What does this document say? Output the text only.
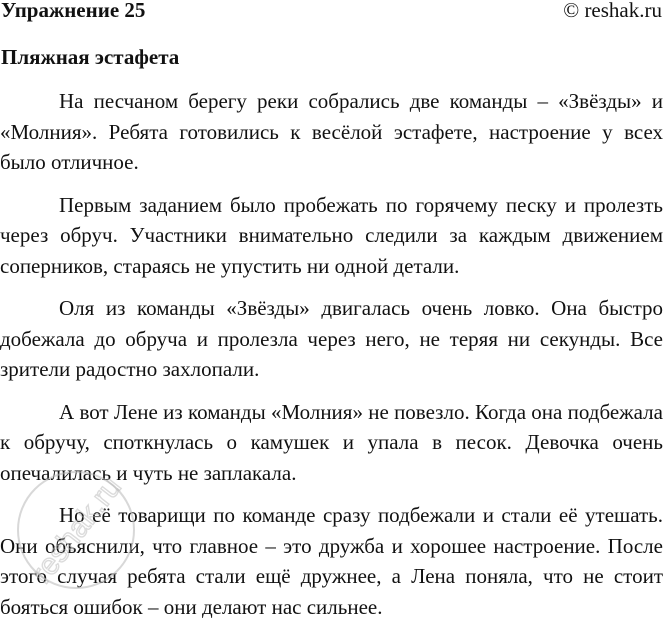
Упражнение 25	© reshak.ru
Пляжная эстафета

На песчаном берегу реки собрались две команды – «Звёзды» и «Молния». Ребята готовились к весёлой эстафете, настроение у всех было отличное.

Первым заданием было пробежать по горячему песку и пролезть через обруч. Участники внимательно следили за каждым движением соперников, стараясь не упустить ни одной детали.

Оля из команды «Звёзды» двигалась очень ловко. Она быстро добежала до обруча и пролезла через него, не теряя ни секунды. Все зрители радостно захлопали.

А вот Лене из команды «Молния» не повезло. Когда она подбежала к обручу, споткнулась о камушек и упала в песок. Девочка очень опечалилась и чуть не заплакала.

Но её товарищи по команде сразу подбежали и стали её утешать. Они объяснили, что главное – это дружба и хорошее настроение. После этого случая ребята стали ещё дружнее, а Лена поняла, что не стоит бояться ошибок – они делают нас сильнее.

reshak.ru
